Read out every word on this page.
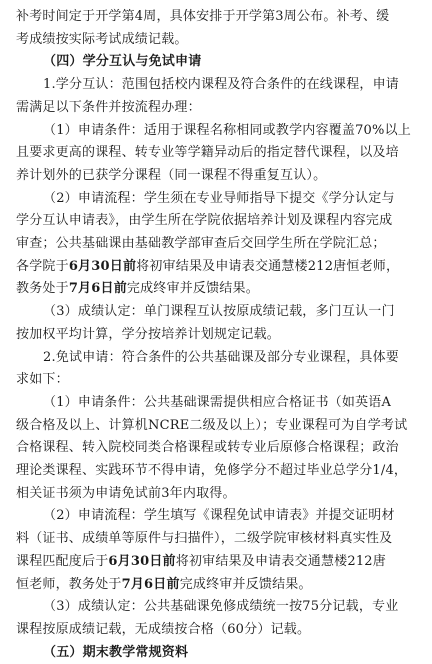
补考时间定于开学第4周，具体安排于开学第3周公布。补考、缓
考成绩按实际考试成绩记载。
（四）学分互认与免试申请
1.学分互认：范围包括校内课程及符合条件的在线课程，申请
需满足以下条件并按流程办理：
（1）申请条件：适用于课程名称相同或教学内容覆盖70%以上
且要求更高的课程、转专业等学籍异动后的指定替代课程，以及培
养计划外的已获学分课程（同一课程不得重复互认）。
（2）申请流程：学生须在专业导师指导下提交《学分认定与
学分互认申请表》，由学生所在学院依据培养计划及课程内容完成
审查；公共基础课由基础教学部审查后交回学生所在学院汇总；
各学院于6月30日前将初审结果及申请表交通慧楼212唐恒老师，
教务处于7月6日前完成终审并反馈结果。
（3）成绩认定：单门课程互认按原成绩记载，多门互认一门
按加权平均计算，学分按培养计划规定记载。
2.免试申请：符合条件的公共基础课及部分专业课程，具体要
求如下：
（1）申请条件：公共基础课需提供相应合格证书（如英语A
级合格及以上、计算机NCRE二级及以上）；专业课程可为自学考试
合格课程、转入院校同类合格课程或转专业后原修合格课程；政治
理论类课程、实践环节不得申请，免修学分不超过毕业总学分1/4，
相关证书须为申请免试前3年内取得。
（2）申请流程：学生填写《课程免试申请表》并提交证明材
料（证书、成绩单等原件与扫描件），二级学院审核材料真实性及
课程匹配度后于6月30日前将初审结果及申请表交通慧楼212唐
恒老师，教务处于7月6日前完成终审并反馈结果。
（3）成绩认定：公共基础课免修成绩统一按75分记载，专业
课程按原成绩记载，无成绩按合格（60分）记载。
（五）期末教学常规资料
